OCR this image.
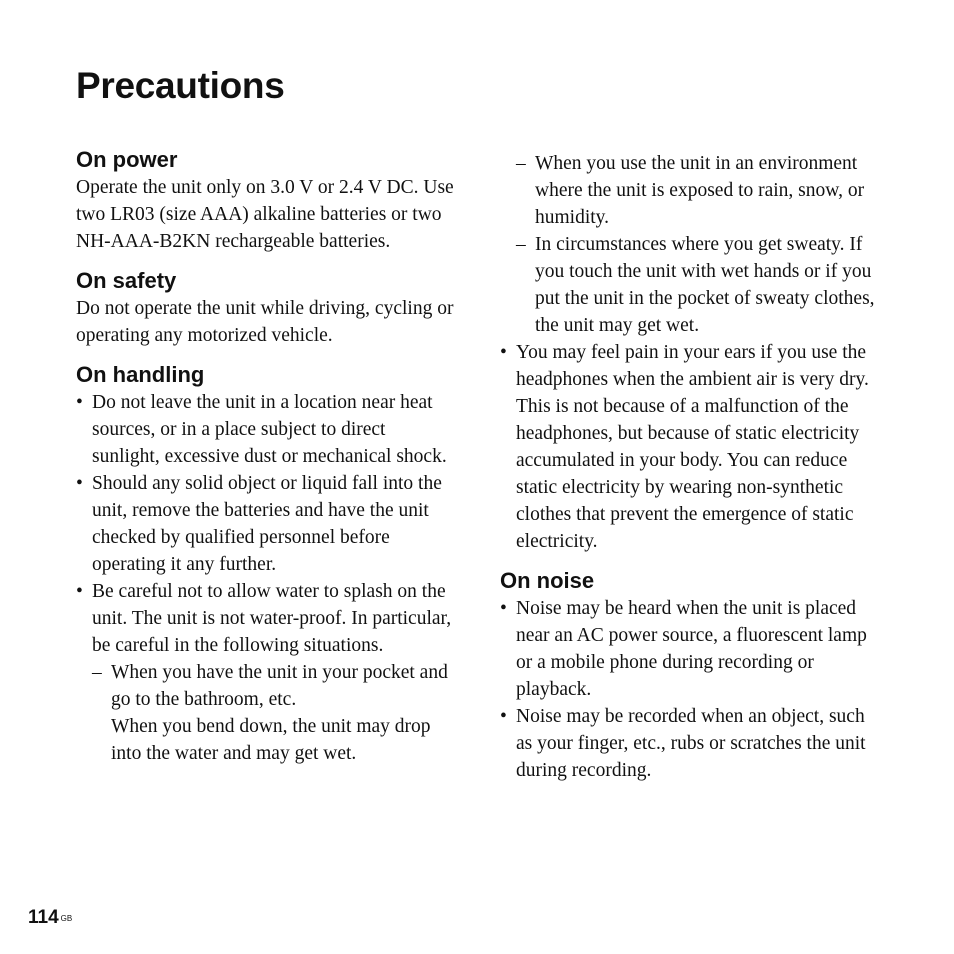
Precautions
On power

Operate the unit only on 3.0 V or 2.4 V DC. Use two LR03 (size AAA) alkaline batteries or two NH-AAA-B2KN rechargeable batteries.

On safety

Do not operate the unit while driving, cycling or operating any motorized vehicle.

On handling
• Do not leave the unit in a location near heat sources, or in a place subject to direct sunlight, excessive dust or mechanical shock.
• Should any solid object or liquid fall into the unit, remove the batteries and have the unit checked by qualified personnel before operating it any further.
• Be careful not to allow water to splash on the unit. The unit is not water-proof. In particular, be careful in the following situations.
– When you have the unit in your pocket and go to the bathroom, etc.
When you bend down, the unit may drop into the water and may get wet.
– When you use the unit in an environment where the unit is exposed to rain, snow, or humidity.
– In circumstances where you get sweaty. If you touch the unit with wet hands or if you put the unit in the pocket of sweaty clothes, the unit may get wet.
• You may feel pain in your ears if you use the headphones when the ambient air is very dry. This is not because of a malfunction of the headphones, but because of static electricity accumulated in your body. You can reduce static electricity by wearing non-synthetic clothes that prevent the emergence of static electricity.
On noise
• Noise may be heard when the unit is placed near an AC power source, a fluorescent lamp or a mobile phone during recording or playback.
• Noise may be recorded when an object, such as your finger, etc., rubs or scratches the unit during recording.
114 $^{GB}$
